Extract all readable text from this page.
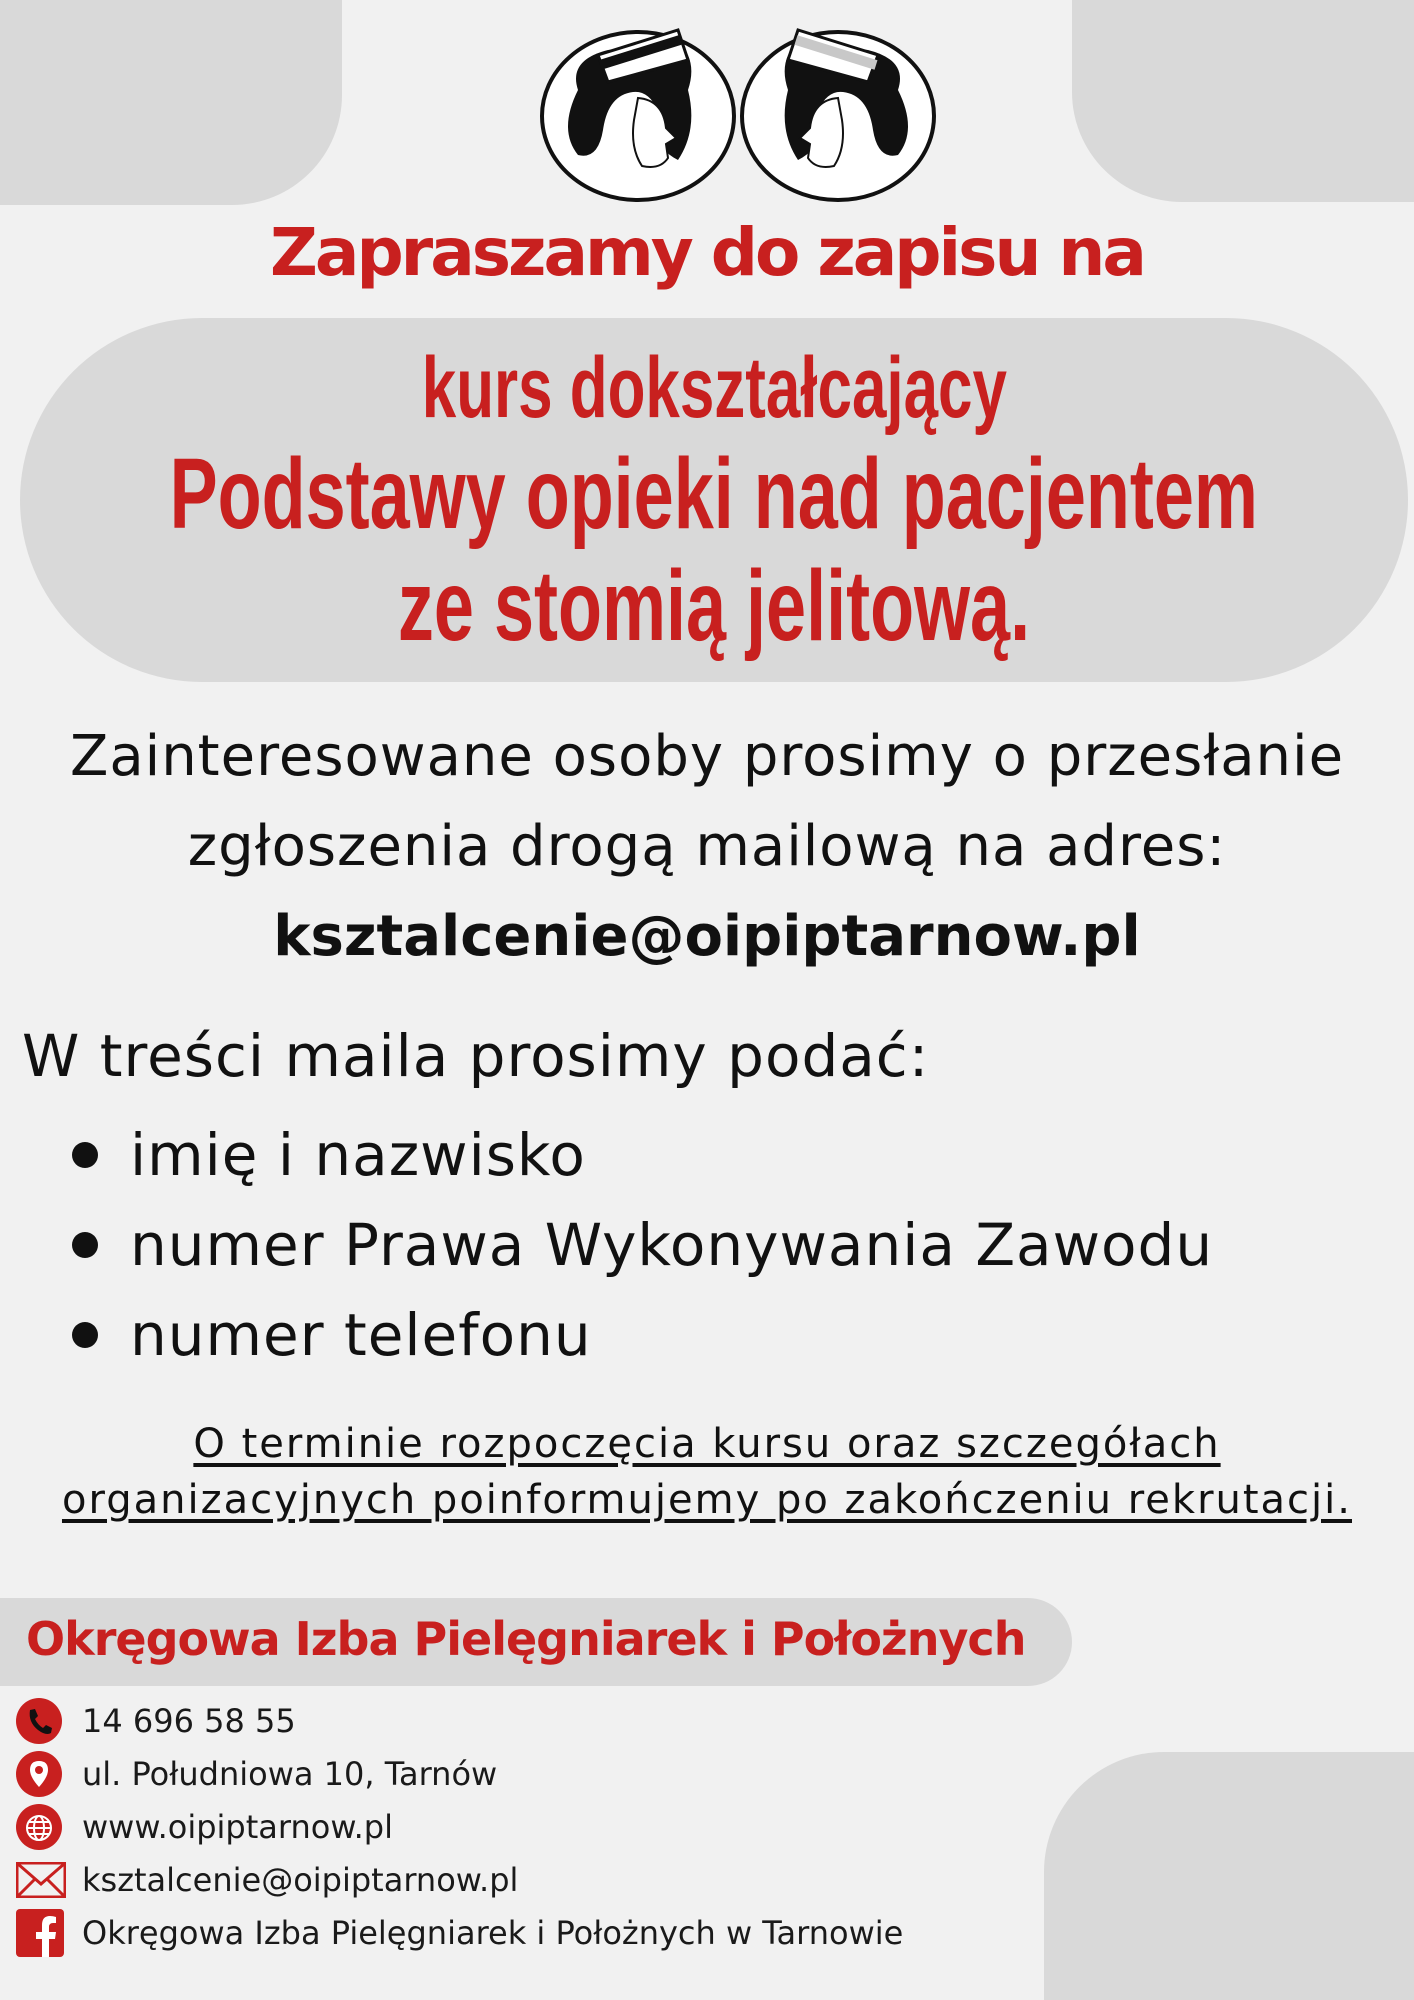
Zapraszamy do zapisu na
kurs dokształcający
Podstawy opieki nad pacjentem
ze stomią jelitową.
Zainteresowane osoby prosimy o przesłanie
zgłoszenia drogą mailową na adres:
ksztalcenie@oipiptarnow.pl
W treści maila prosimy podać:
imię i nazwisko
numer Prawa Wykonywania Zawodu
numer telefonu
O terminie rozpoczęcia kursu oraz szczegółach
organizacyjnych poinformujemy po zakończeniu rekrutacji.
Okręgowa Izba Pielęgniarek i Położnych
14 696 58 55
ul. Południowa 10, Tarnów
www.oipiptarnow.pl
ksztalcenie@oipiptarnow.pl
Okręgowa Izba Pielęgniarek i Położnych w Tarnowie
